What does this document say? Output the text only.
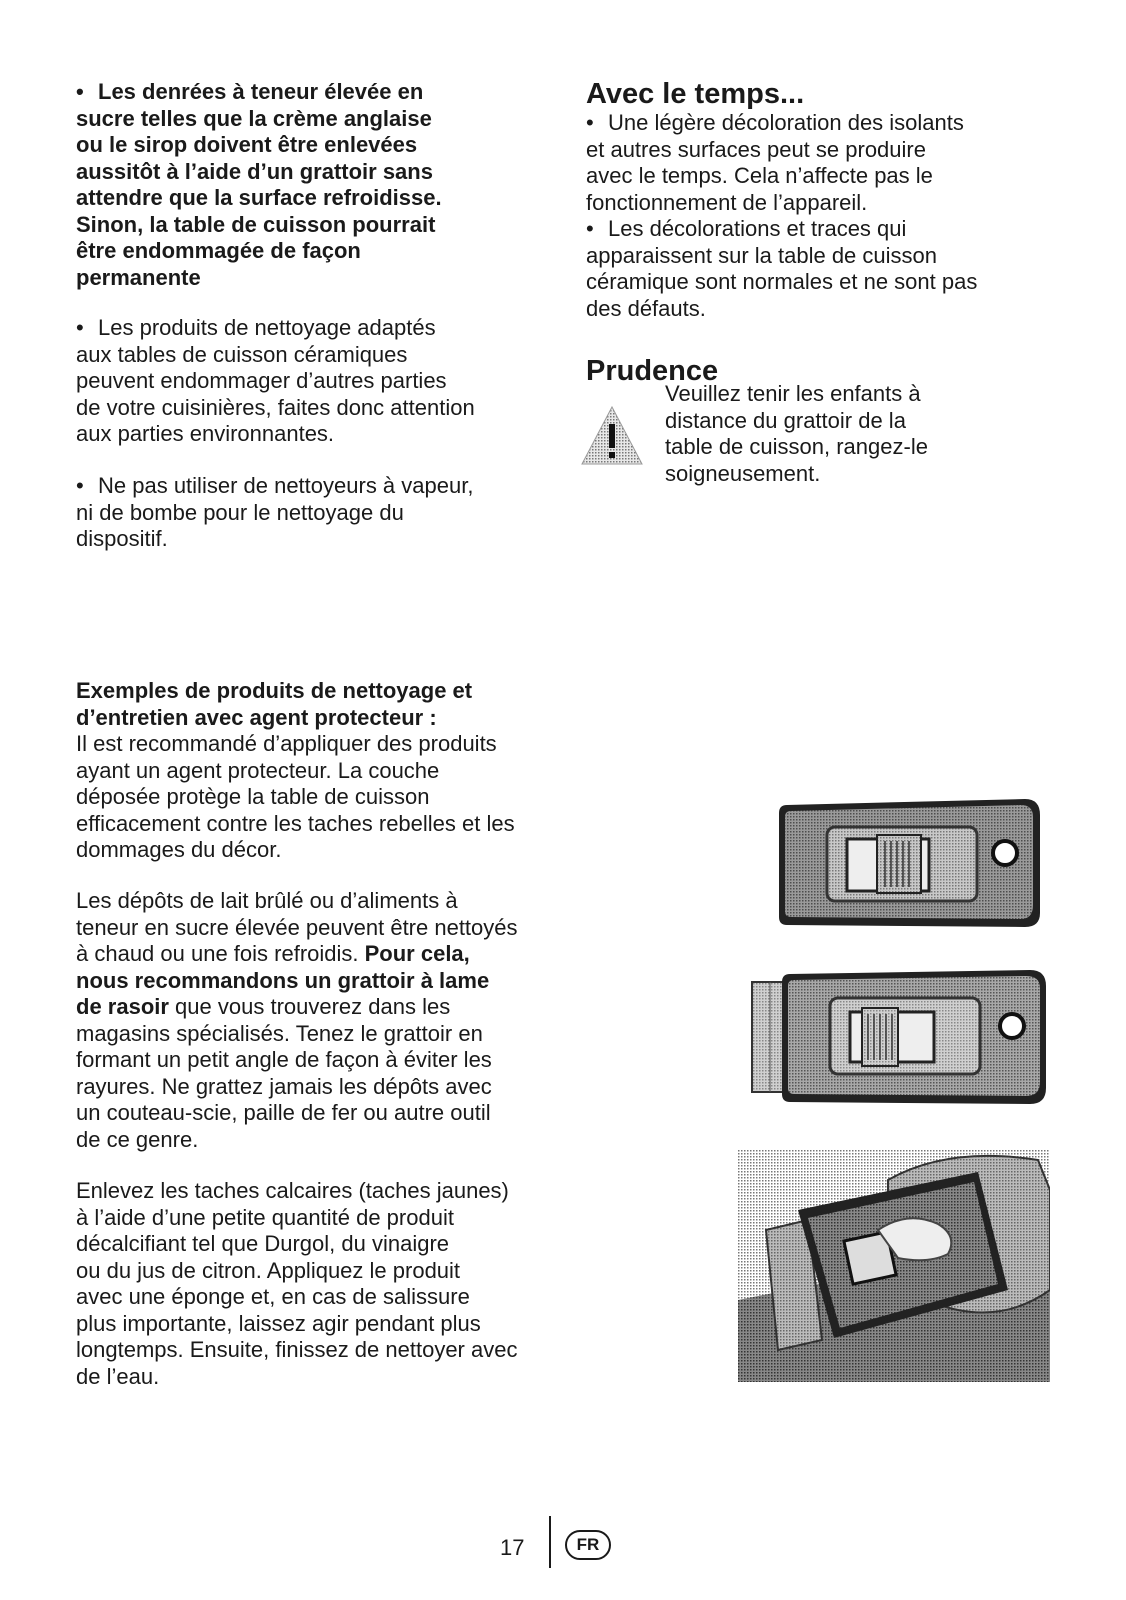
• Les denrées à teneur élevée en
sucre telles que la crème anglaise
ou le sirop doivent être enlevées
aussitôt à l’aide d’un grattoir sans
attendre que la surface refroidisse.
Sinon, la table de cuisson pourrait
être endommagée de façon
permanente

• Les produits de nettoyage adaptés
aux tables de cuisson céramiques
peuvent endommager d’autres parties
de votre cuisinières, faites donc attention
aux parties environnantes.

• Ne pas utiliser de nettoyeurs à vapeur,
ni de bombe pour le nettoyage du
dispositif.

Exemples de produits de nettoyage et
d’entretien avec agent protecteur :

Il est recommandé d’appliquer des produits
ayant un agent protecteur. La couche
déposée protège la table de cuisson
efficacement contre les taches rebelles et les
dommages du décor.

Les dépôts de lait brûlé ou d’aliments à
teneur en sucre élevée peuvent être nettoyés
à chaud ou une fois refroidis. Pour cela,
nous recommandons un grattoir à lame
de rasoir que vous trouverez dans les
magasins spécialisés. Tenez le grattoir en
formant un petit angle de façon à éviter les
rayures. Ne grattez jamais les dépôts avec
un couteau-scie, paille de fer ou autre outil
de ce genre.

Enlevez les taches calcaires (taches jaunes)
à l’aide d’une petite quantité de produit
décalcifiant tel que Durgol, du vinaigre
ou du jus de citron. Appliquez le produit
avec une éponge et, en cas de salissure
plus importante, laissez agir pendant plus
longtemps. Ensuite, finissez de nettoyer avec
de l’eau.

Avec le temps...

• Une légère décoloration des isolants
et autres surfaces peut se produire
avec le temps. Cela n’affecte pas le
fonctionnement de l’appareil.

• Les décolorations et traces qui
apparaissent sur la table de cuisson
céramique sont normales et ne sont pas
des défauts.

Prudence

Veuillez tenir les enfants à
distance du grattoir de la
table de cuisson, rangez-le
soigneusement.

17	FR
